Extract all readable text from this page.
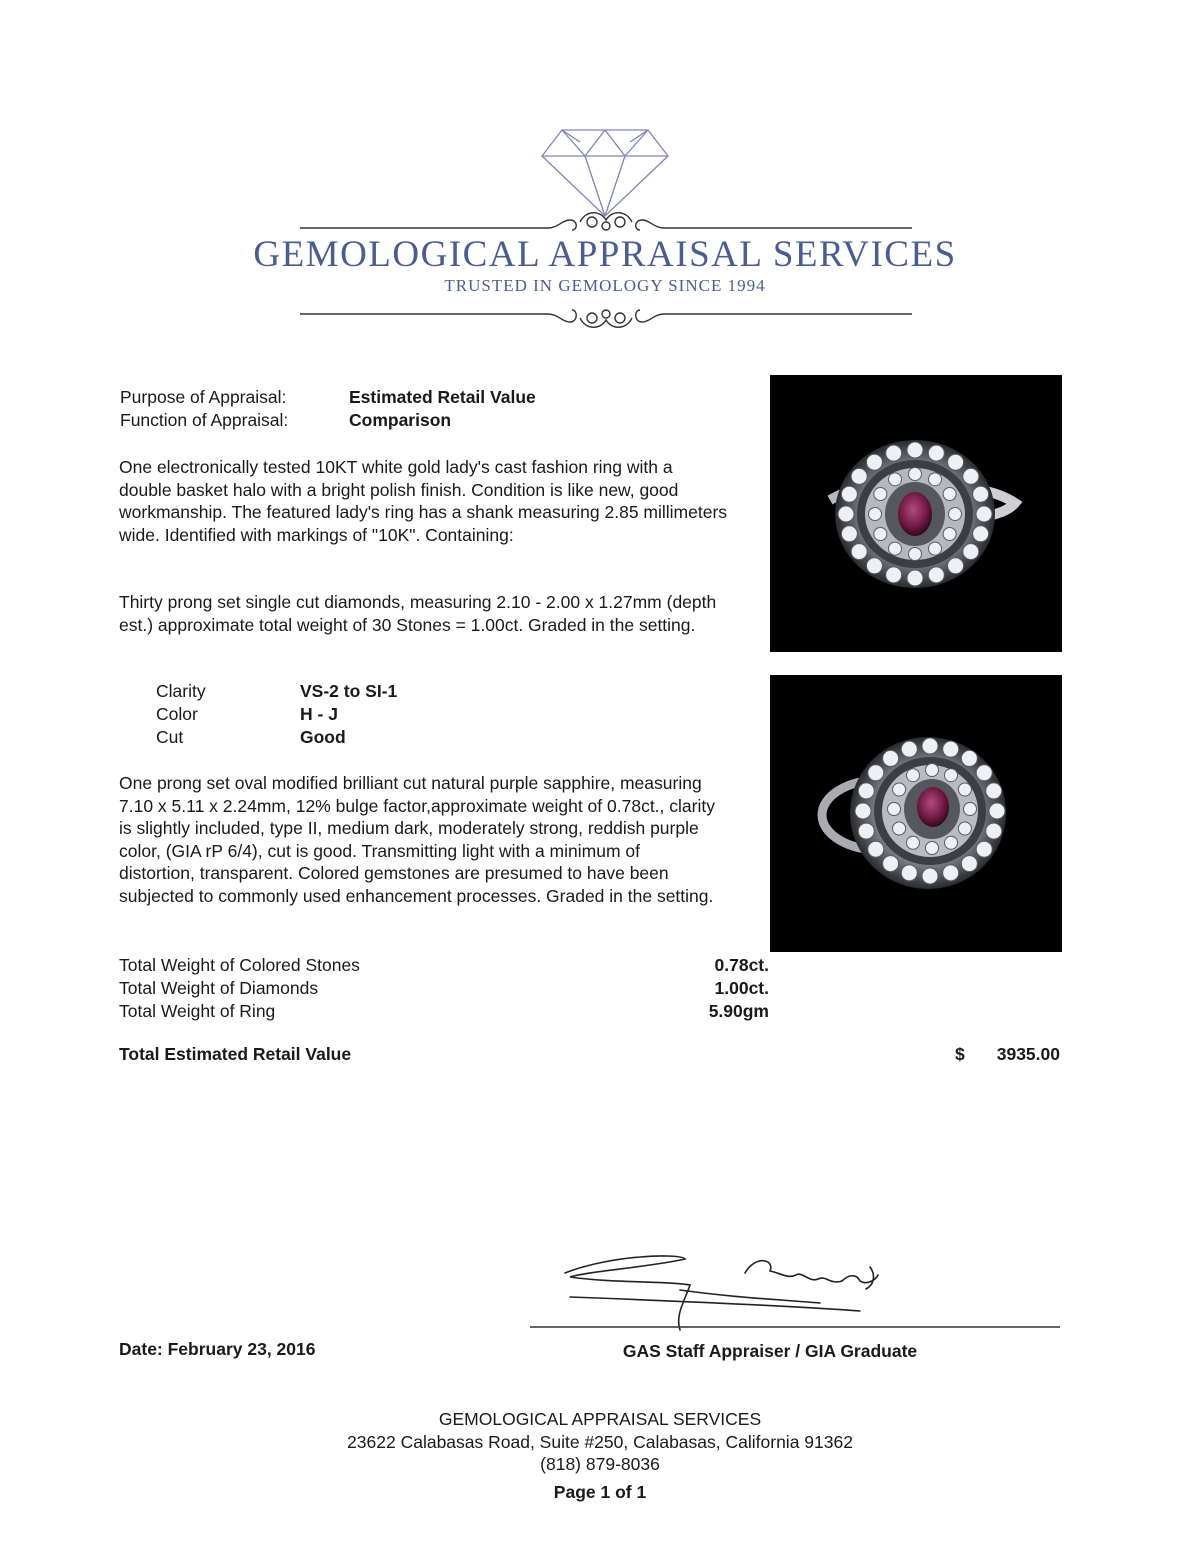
GEMOLOGICAL APPRAISAL SERVICES
TRUSTED IN GEMOLOGY SINCE 1994
Purpose of Appraisal:	Estimated Retail Value
Function of Appraisal:	Comparison
One electronically tested 10KT white gold lady's cast fashion ring with a double basket halo with a bright polish finish. Condition is like new, good workmanship. The featured lady's ring has a shank measuring 2.85 millimeters wide. Identified with markings of "10K". Containing:
Thirty prong set single cut diamonds, measuring 2.10 - 2.00 x 1.27mm (depth est.) approximate total weight of 30 Stones = 1.00ct. Graded in the setting.
Clarity	VS-2 to SI-1
Color	H - J
Cut	Good
One prong set oval modified brilliant cut natural purple sapphire, measuring 7.10 x 5.11 x 2.24mm, 12% bulge factor,approximate weight of 0.78ct., clarity is slightly included, type II, medium dark, moderately strong, reddish purple color, (GIA rP 6/4), cut is good. Transmitting light with a minimum of distortion, transparent. Colored gemstones are presumed to have been subjected to commonly used enhancement processes. Graded in the setting.
Total Weight of Colored Stones	0.78ct.
Total Weight of Diamonds	1.00ct.
Total Weight of Ring	5.90gm
Total Estimated Retail Value	$ 3935.00
Date: February 23, 2016	GAS Staff Appraiser / GIA Graduate
GEMOLOGICAL APPRAISAL SERVICES
23622 Calabasas Road, Suite #250, Calabasas, California 91362
(818) 879-8036
Page 1 of 1
